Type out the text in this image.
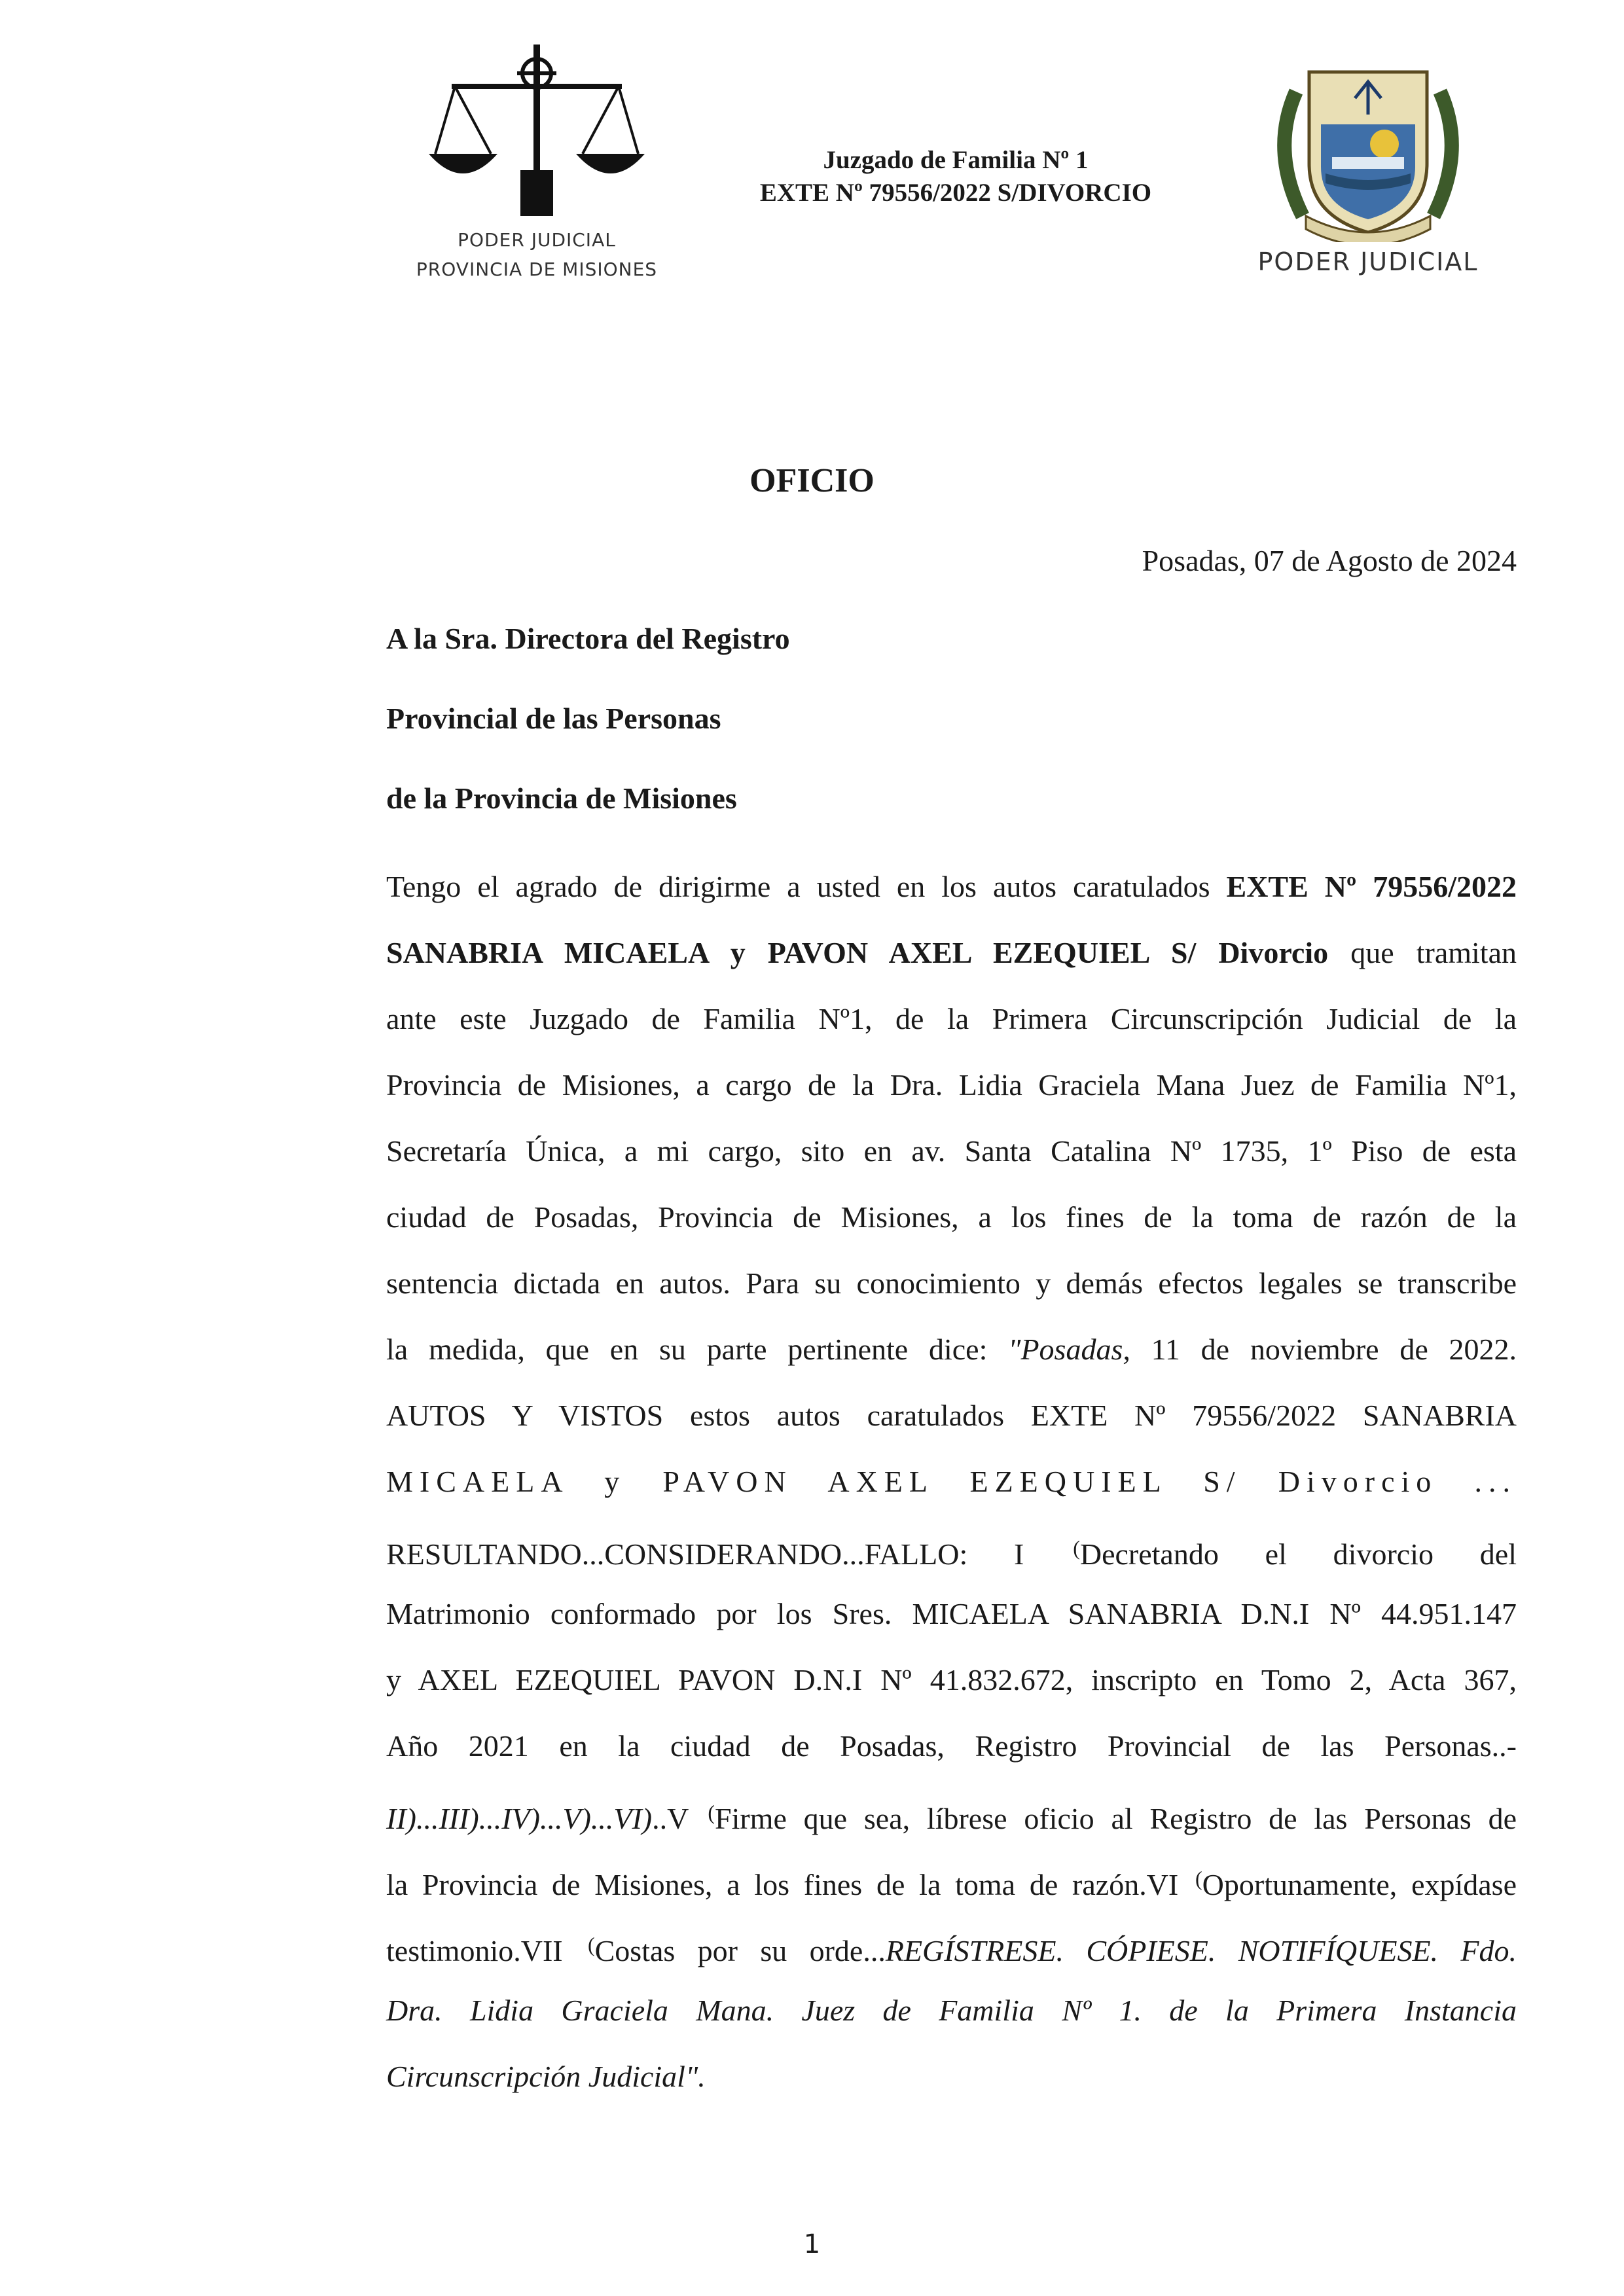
PODER JUDICIAL
PROVINCIA DE MISIONES
Juzgado de Familia Nº 1
EXTE Nº 79556/2022 S/DIVORCIO
PODER JUDICIAL
OFICIO
Posadas, 07 de Agosto de 2024
A la Sra. Directora del Registro
Provincial de las Personas
de la Provincia de Misiones
Tengo el agrado de dirigirme a usted en los autos caratulados EXTE Nº 79556/2022
SANABRIA MICAELA y PAVON AXEL EZEQUIEL S/ Divorcio que tramitan
ante este Juzgado de Familia Nº1, de la Primera Circunscripción Judicial de la
Provincia de Misiones, a cargo de la Dra. Lidia Graciela Mana Juez de Familia Nº1,
Secretaría Única, a mi cargo, sito en av. Santa Catalina Nº 1735, 1º Piso de esta
ciudad de Posadas, Provincia de Misiones, a los fines de la toma de razón de la
sentencia dictada en autos. Para su conocimiento y demás efectos legales se transcribe
la medida, que en su parte pertinente dice: "Posadas, 11 de noviembre de 2022.
AUTOS Y VISTOS estos autos caratulados EXTE Nº 79556/2022 SANABRIA
MICAELA y PAVON AXEL EZEQUIEL S/ Divorcio ...
RESULTANDO...CONSIDERANDO...FALLO: I (Decretando el divorcio del
Matrimonio conformado por los Sres. MICAELA SANABRIA D.N.I Nº 44.951.147
y AXEL EZEQUIEL PAVON D.N.I Nº 41.832.672, inscripto en Tomo 2, Acta 367,
Año 2021 en la ciudad de Posadas, Registro Provincial de las Personas..-
II)...III)...IV)...V)...VI)..V (Firme que sea, líbrese oficio al Registro de las Personas de
la Provincia de Misiones, a los fines de la toma de razón.VI (Oportunamente, expídase
testimonio.VII (Costas por su orde...REGÍSTRESE. CÓPIESE. NOTIFÍQUESE. Fdo.
Dra. Lidia Graciela Mana. Juez de Familia Nº 1. de la Primera Instancia
Circunscripción Judicial".
1
